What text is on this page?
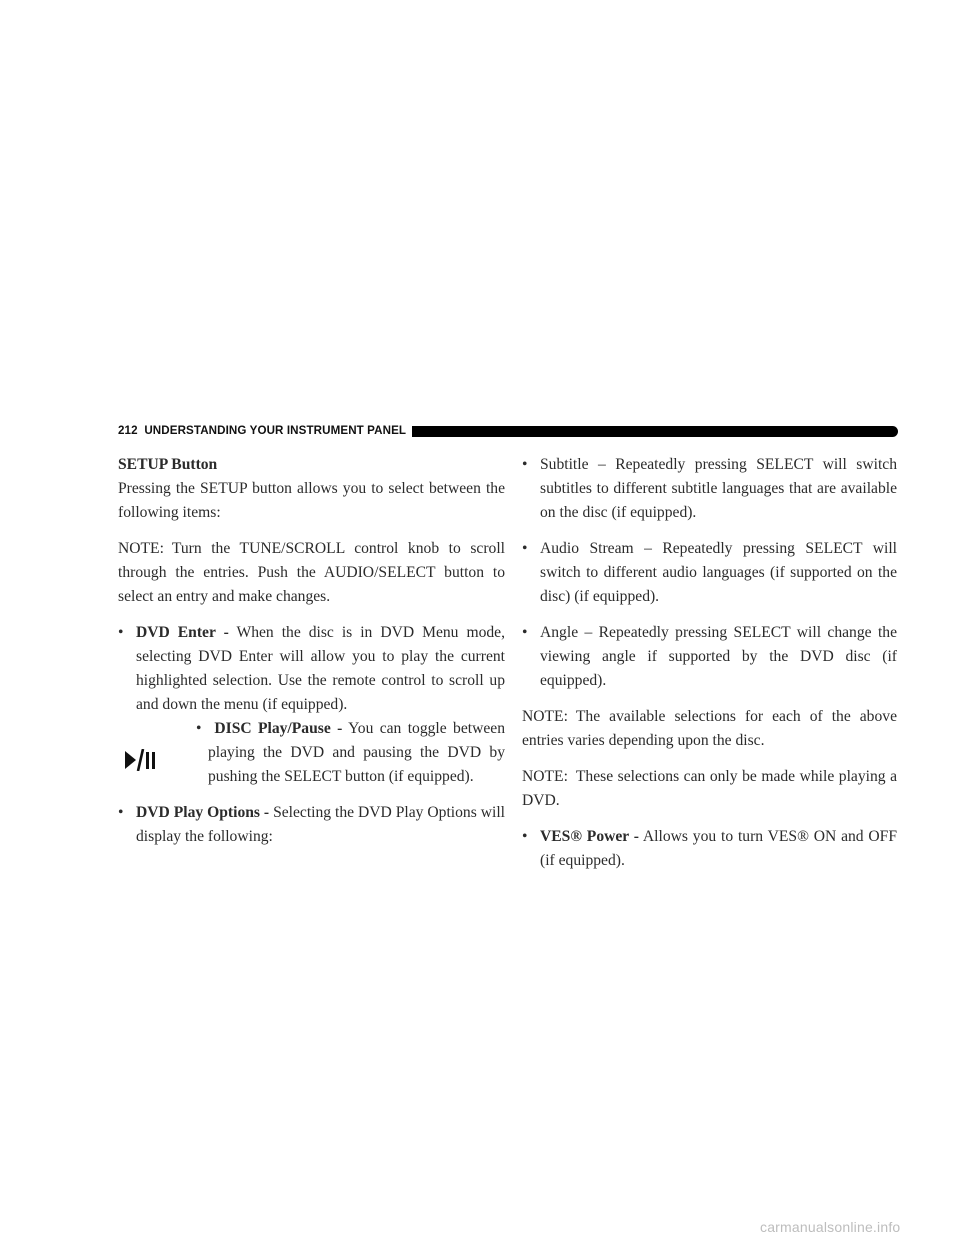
212 UNDERSTANDING YOUR INSTRUMENT PANEL

SETUP Button

Pressing the SETUP button allows you to select between the following items:

NOTE: Turn the TUNE/SCROLL control knob to scroll through the entries. Push the AUDIO/SELECT button to select an entry and make changes.

• DVD Enter - When the disc is in DVD Menu mode, selecting DVD Enter will allow you to play the current highlighted selection. Use the remote control to scroll up and down the menu (if equipped).
• DISC Play/Pause - You can toggle between playing the DVD and pausing the DVD by pushing the SELECT button (if equipped).
• DVD Play Options - Selecting the DVD Play Options will display the following:
• Subtitle – Repeatedly pressing SELECT will switch subtitles to different subtitle languages that are available on the disc (if equipped).
• Audio Stream – Repeatedly pressing SELECT will switch to different audio languages (if supported on the disc) (if equipped).
• Angle – Repeatedly pressing SELECT will change the viewing angle if supported by the DVD disc (if equipped).

NOTE: The available selections for each of the above entries varies depending upon the disc.

NOTE: These selections can only be made while playing a DVD.

• VES® Power - Allows you to turn VES® ON and OFF (if equipped).
carmanualsonline.info
